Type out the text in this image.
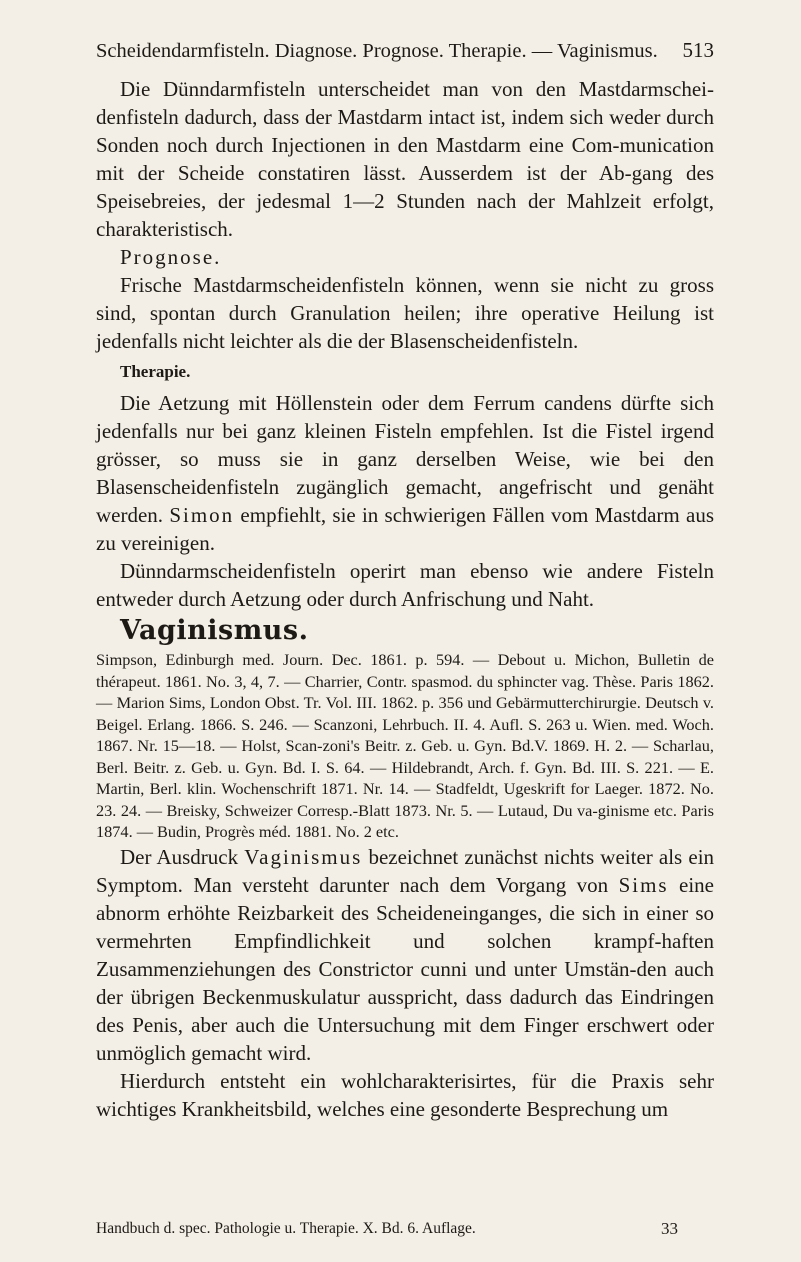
Scheidendarmfisteln. Diagnose. Prognose. Therapie. — Vaginismus. 513

Die Dünndarmfisteln unterscheidet man von den Mastdarmschei-denfisteln dadurch, dass der Mastdarm intact ist, indem sich weder durch Sonden noch durch Injectionen in den Mastdarm eine Com-munication mit der Scheide constatiren lässt. Ausserdem ist der Ab-gang des Speisebreies, der jedesmal 1—2 Stunden nach der Mahlzeit erfolgt, charakteristisch.

Prognose.

Frische Mastdarmscheidenfisteln können, wenn sie nicht zu gross sind, spontan durch Granulation heilen; ihre operative Heilung ist jedenfalls nicht leichter als die der Blasenscheidenfisteln.

Therapie.

Die Aetzung mit Höllenstein oder dem Ferrum candens dürfte sich jedenfalls nur bei ganz kleinen Fisteln empfehlen. Ist die Fistel irgend grösser, so muss sie in ganz derselben Weise, wie bei den Blasenscheidenfisteln zugänglich gemacht, angefrischt und genäht werden. Simon empfiehlt, sie in schwierigen Fällen vom Mastdarm aus zu vereinigen.

Dünndarmscheidenfisteln operirt man ebenso wie andere Fisteln entweder durch Aetzung oder durch Anfrischung und Naht.

Vaginismus.

Simpson, Edinburgh med. Journ. Dec. 1861. p. 594. — Debout u. Michon, Bulletin de thérapeut. 1861. No. 3, 4, 7. — Charrier, Contr. spasmod. du sphincter vag. Thèse. Paris 1862. — Marion Sims, London Obst. Tr. Vol. III. 1862. p. 356 und Gebärmutterchirurgie. Deutsch v. Beigel. Erlang. 1866. S. 246. — Scanzoni, Lehrbuch. II. 4. Aufl. S. 263 u. Wien. med. Woch. 1867. Nr. 15—18. — Holst, Scan-zoni's Beitr. z. Geb. u. Gyn. Bd.V. 1869. H. 2. — Scharlau, Berl. Beitr. z. Geb. u. Gyn. Bd. I. S. 64. — Hildebrandt, Arch. f. Gyn. Bd. III. S. 221. — E. Martin, Berl. klin. Wochenschrift 1871. Nr. 14. — Stadfeldt, Ugeskrift for Laeger. 1872. No. 23. 24. — Breisky, Schweizer Corresp.-Blatt 1873. Nr. 5. — Lutaud, Du va-ginisme etc. Paris 1874. — Budin, Progrès méd. 1881. No. 2 etc.

Der Ausdruck Vaginismus bezeichnet zunächst nichts weiter als ein Symptom. Man versteht darunter nach dem Vorgang von Sims eine abnorm erhöhte Reizbarkeit des Scheideneinganges, die sich in einer so vermehrten Empfindlichkeit und solchen krampf-haften Zusammenziehungen des Constrictor cunni und unter Umstän-den auch der übrigen Beckenmuskulatur ausspricht, dass dadurch das Eindringen des Penis, aber auch die Untersuchung mit dem Finger erschwert oder unmöglich gemacht wird.

Hierdurch entsteht ein wohlcharakterisirtes, für die Praxis sehr wichtiges Krankheitsbild, welches eine gesonderte Besprechung um

Handbuch d. spec. Pathologie u. Therapie. X. Bd. 6. Auflage.	33
